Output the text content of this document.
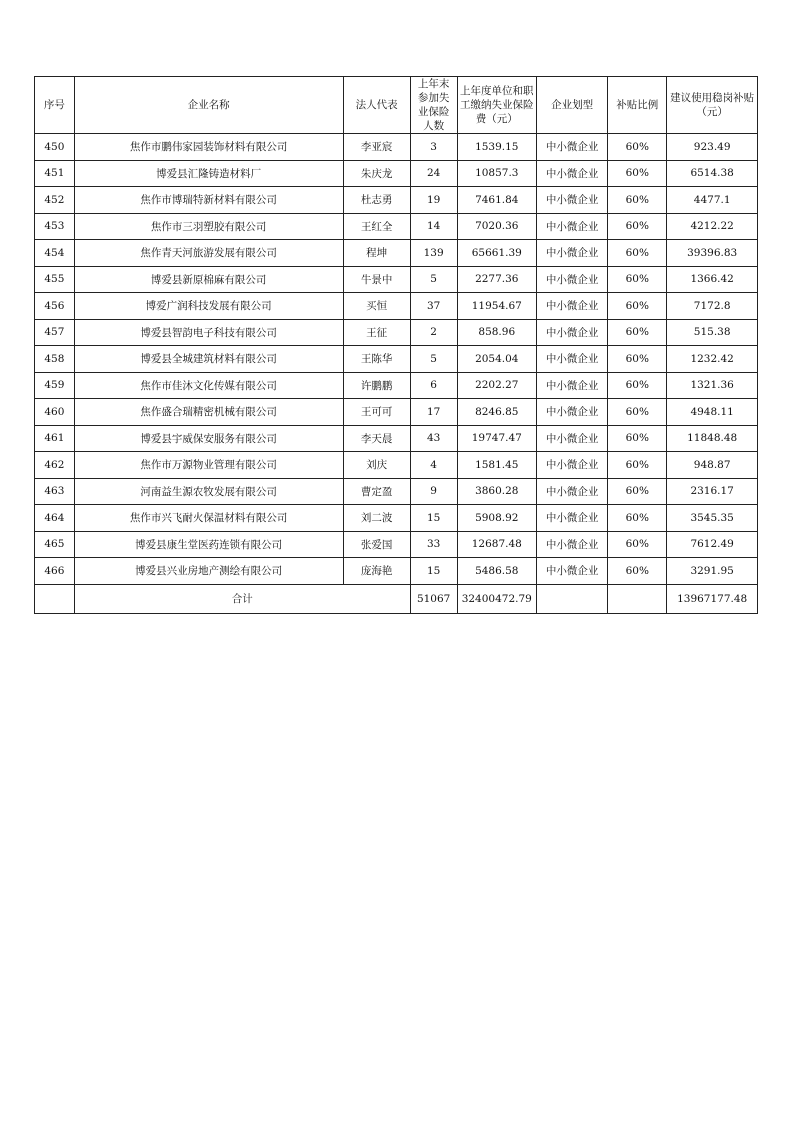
序号	企业名称	法人代表	上年末参加失业保险人数	上年度单位和职工缴纳失业保险费（元）	企业划型	补贴比例	建议使用稳岗补贴（元）
450	焦作市鹏伟家园装饰材料有限公司	李亚宸	3	1539.15	中小微企业	60%	923.49
451	博爱县汇隆铸造材料厂	朱庆龙	24	10857.3	中小微企业	60%	6514.38
452	焦作市博瑞特新材料有限公司	杜志勇	19	7461.84	中小微企业	60%	4477.1
453	焦作市三羽塑胶有限公司	王红全	14	7020.36	中小微企业	60%	4212.22
454	焦作青天河旅游发展有限公司	程坤	139	65661.39	中小微企业	60%	39396.83
455	博爱县新原棉麻有限公司	牛景中	5	2277.36	中小微企业	60%	1366.42
456	博爱广润科技发展有限公司	买恒	37	11954.67	中小微企业	60%	7172.8
457	博爱县智韵电子科技有限公司	王征	2	858.96	中小微企业	60%	515.38
458	博爱县全城建筑材料有限公司	王陈华	5	2054.04	中小微企业	60%	1232.42
459	焦作市佳沐文化传媒有限公司	许鹏鹏	6	2202.27	中小微企业	60%	1321.36
460	焦作盛合瑞精密机械有限公司	王可可	17	8246.85	中小微企业	60%	4948.11
461	博爱县宇威保安服务有限公司	李天晨	43	19747.47	中小微企业	60%	11848.48
462	焦作市万源物业管理有限公司	刘庆	4	1581.45	中小微企业	60%	948.87
463	河南益生源农牧发展有限公司	曹定盈	9	3860.28	中小微企业	60%	2316.17
464	焦作市兴飞耐火保温材料有限公司	刘二波	15	5908.92	中小微企业	60%	3545.35
465	博爱县康生堂医药连锁有限公司	张爱国	33	12687.48	中小微企业	60%	7612.49
466	博爱县兴业房地产测绘有限公司	庞海艳	15	5486.58	中小微企业	60%	3291.95
	合计		51067	32400472.79			13967177.48
